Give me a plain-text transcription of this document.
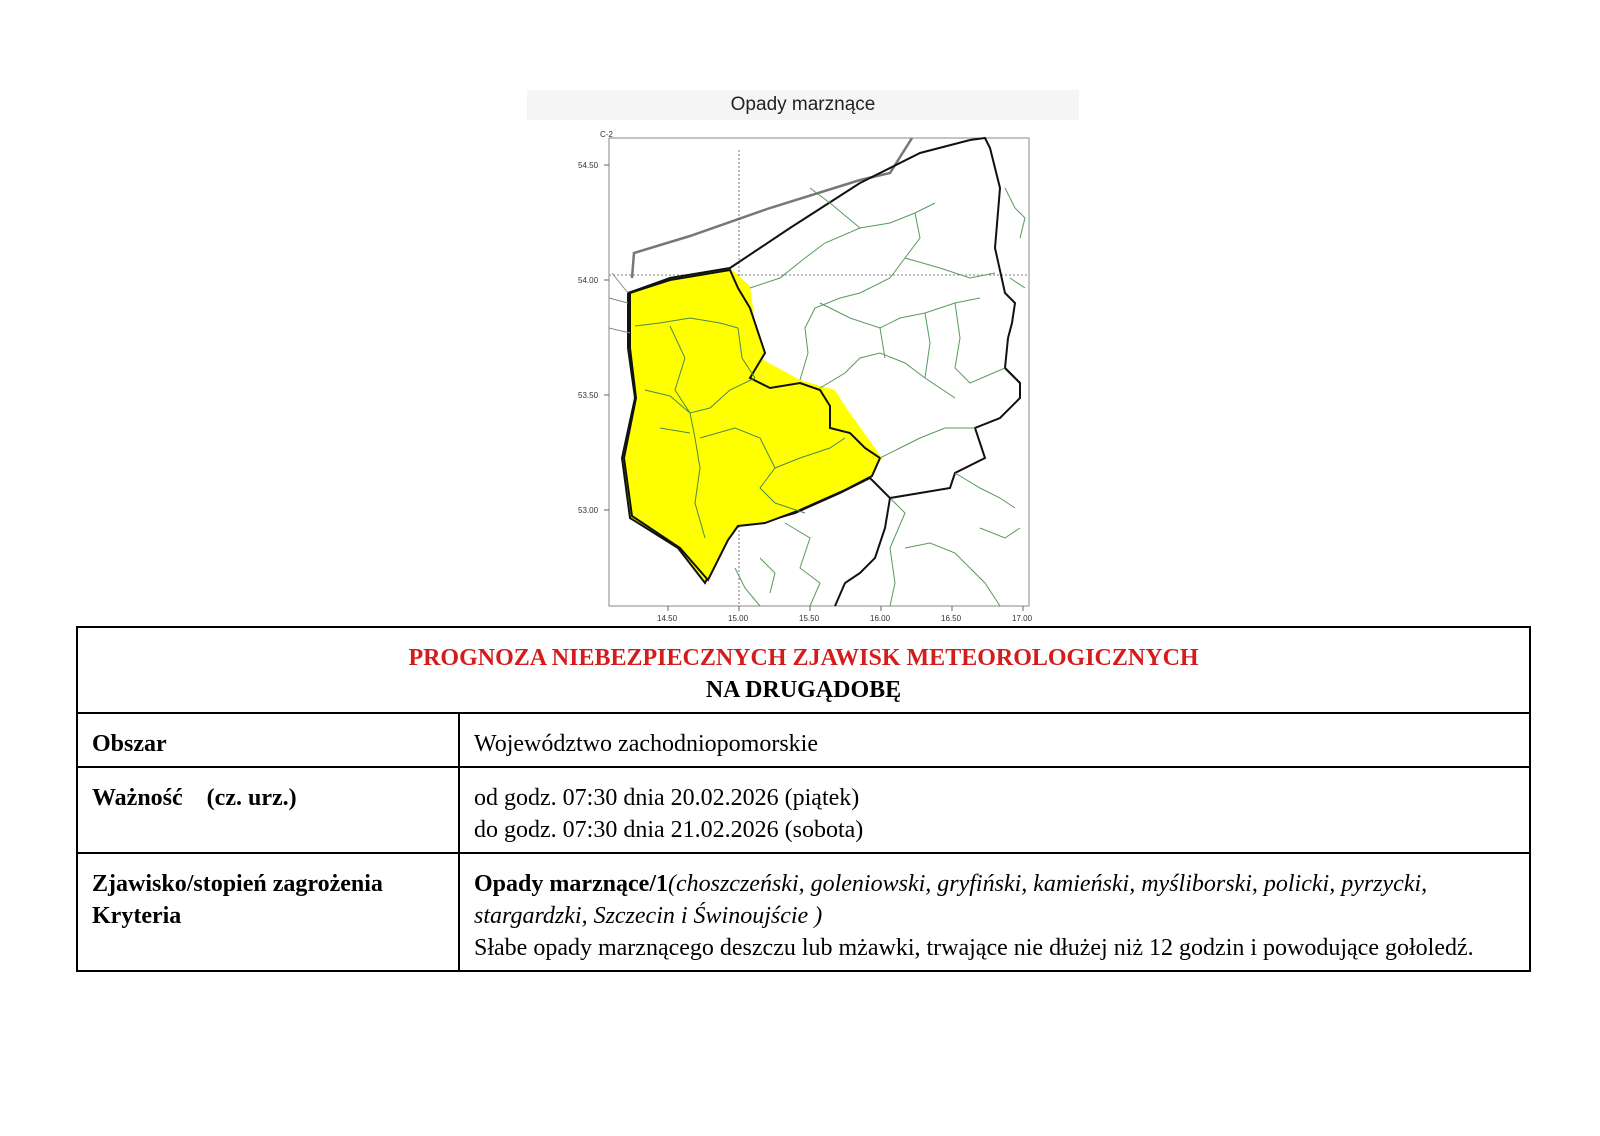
Opady marznące
C-2
54.50
54.00
53.50
53.00
14.50	15.00	15.50	16.00	16.50	17.00
PROGNOZA NIEBEZPIECZNYCH ZJAWISK METEOROLOGICZNYCH
NA DRUGĄDOBĘ	

Obszar	Województwo zachodniopomorskie
Ważność    (cz. urz.)	od godz. 07:30 dnia 20.02.2026 (piątek)
do godz. 07:30 dnia 21.02.2026 (sobota)

Zjawisko/stopień zagrożenia
Kryteria	Opady marznące/1(choszczeński, goleniowski, gryfiński, kamieński, myśliborski, policki, pyrzycki, stargardzki, Szczecin i Świnoujście )
Słabe opady marznącego deszczu lub mżawki, trwające nie dłużej niż 12 godzin i powodujące gołoledź.
